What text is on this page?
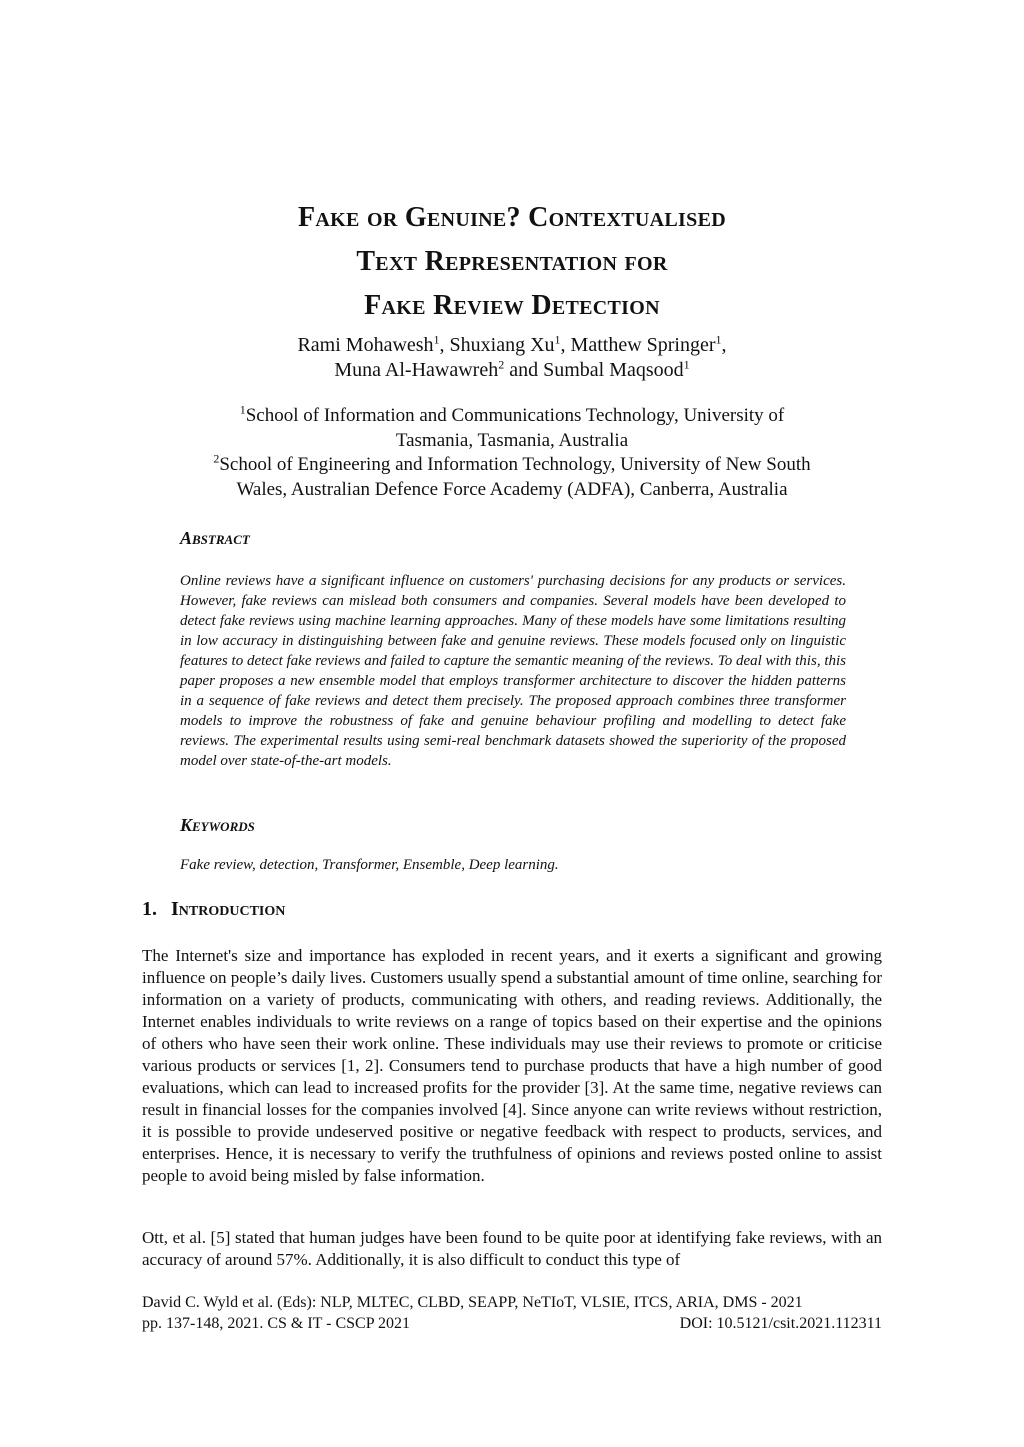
Fake or Genuine? Contextualised
Text Representation for
Fake Review Detection
Rami Mohawesh$^1$, Shuxiang Xu$^1$, Matthew Springer$^1$,
Muna Al-Hawawreh$^2$ and Sumbal Maqsood$^1$
$^1$School of Information and Communications Technology, University of
Tasmania, Tasmania, Australia
$^2$School of Engineering and Information Technology, University of New South
Wales, Australian Defence Force Academy (ADFA), Canberra, Australia
Abstract
Online reviews have a significant influence on customers' purchasing decisions for any products or services. However, fake reviews can mislead both consumers and companies. Several models have been developed to detect fake reviews using machine learning approaches. Many of these models have some limitations resulting in low accuracy in distinguishing between fake and genuine reviews. These models focused only on linguistic features to detect fake reviews and failed to capture the semantic meaning of the reviews. To deal with this, this paper proposes a new ensemble model that employs transformer architecture to discover the hidden patterns in a sequence of fake reviews and detect them precisely. The proposed approach combines three transformer models to improve the robustness of fake and genuine behaviour profiling and modelling to detect fake reviews. The experimental results using semi-real benchmark datasets showed the superiority of the proposed model over state-of-the-art models.
Keywords
Fake review, detection, Transformer, Ensemble, Deep learning.
1. Introduction
The Internet's size and importance has exploded in recent years, and it exerts a significant and growing influence on people’s daily lives. Customers usually spend a substantial amount of time online, searching for information on a variety of products, communicating with others, and reading reviews. Additionally, the Internet enables individuals to write reviews on a range of topics based on their expertise and the opinions of others who have seen their work online. These individuals may use their reviews to promote or criticise various products or services [1, 2]. Consumers tend to purchase products that have a high number of good evaluations, which can lead to increased profits for the provider [3]. At the same time, negative reviews can result in financial losses for the companies involved [4]. Since anyone can write reviews without restriction, it is possible to provide undeserved positive or negative feedback with respect to products, services, and enterprises. Hence, it is necessary to verify the truthfulness of opinions and reviews posted online to assist people to avoid being misled by false information.
Ott, et al. [5] stated that human judges have been found to be quite poor at identifying fake reviews, with an accuracy of around 57%. Additionally, it is also difficult to conduct this type of
David C. Wyld et al. (Eds): NLP, MLTEC, CLBD, SEAPP, NeTIoT, VLSIE, ITCS, ARIA, DMS - 2021
pp. 137-148, 2021. CS & IT - CSCP 2021	DOI: 10.5121/csit.2021.112311
